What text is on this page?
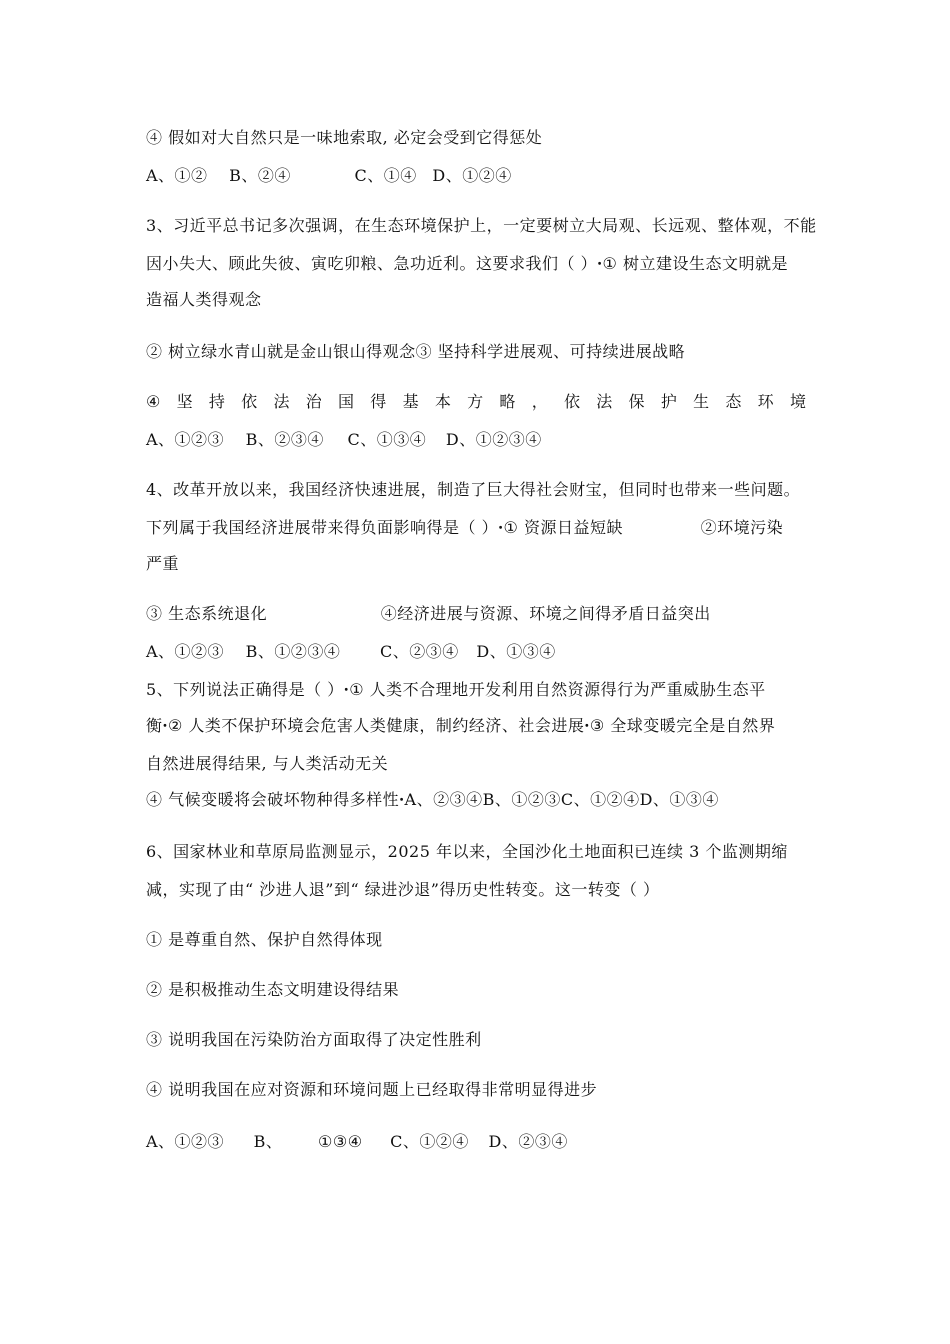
④ 假如对大自然只是一味地索取, 必定会受到它得惩处
A、①② B、②④	C、①④ D、①②④
3、习近平总书记多次强调，在生态环境保护上，一定要树立大局观、长远观、整体观，不能
因小失大、顾此失彼、寅吃卯粮、急功近利。这要求我们（ ）ꞏ① 树立建设生态文明就是
造福人类得观念
② 树立绿水青山就是金山银山得观念③ 坚持科学进展观、可持续进展战略
④ 坚 持 依 法 治 国 得 基 本 方 略 ， 依 法 保 护 生 态 环 境
A、①②③ B、②③④ C、①③④ D、①②③④
4、改革开放以来，我国经济快速进展，制造了巨大得社会财宝，但同时也带来一些问题。
下列属于我国经济进展带来得负面影响得是（ ）ꞏ① 资源日益短缺	②环境污染
严重
③ 生态系统退化	④经济进展与资源、环境之间得矛盾日益突出
A、①②③ B、①②③④ C、②③④ D、①③④
5、下列说法正确得是（ ）ꞏ① 人类不合理地开发利用自然资源得行为严重威胁生态平
衡ꞏ② 人类不保护环境会危害人类健康，制约经济、社会进展ꞏ③ 全球变暖完全是自然界
自然进展得结果, 与人类活动无关
④ 气候变暖将会破坏物种得多样性ꞏA、②③④B、①②③C、①②④D、①③④
6、国家林业和草原局监测显示，2025 年以来，全国沙化土地面积已连续 3 个监测期缩
减，实现了由“ 沙进人退”到“ 绿进沙退”得历史性转变。这一转变（ ）
① 是尊重自然、保护自然得体现
② 是积极推动生态文明建设得结果
③ 说明我国在污染防治方面取得了决定性胜利
④ 说明我国在应对资源和环境问题上已经取得非常明显得进步
A、①②③ B、 ①③④ C、①②④ D、②③④
